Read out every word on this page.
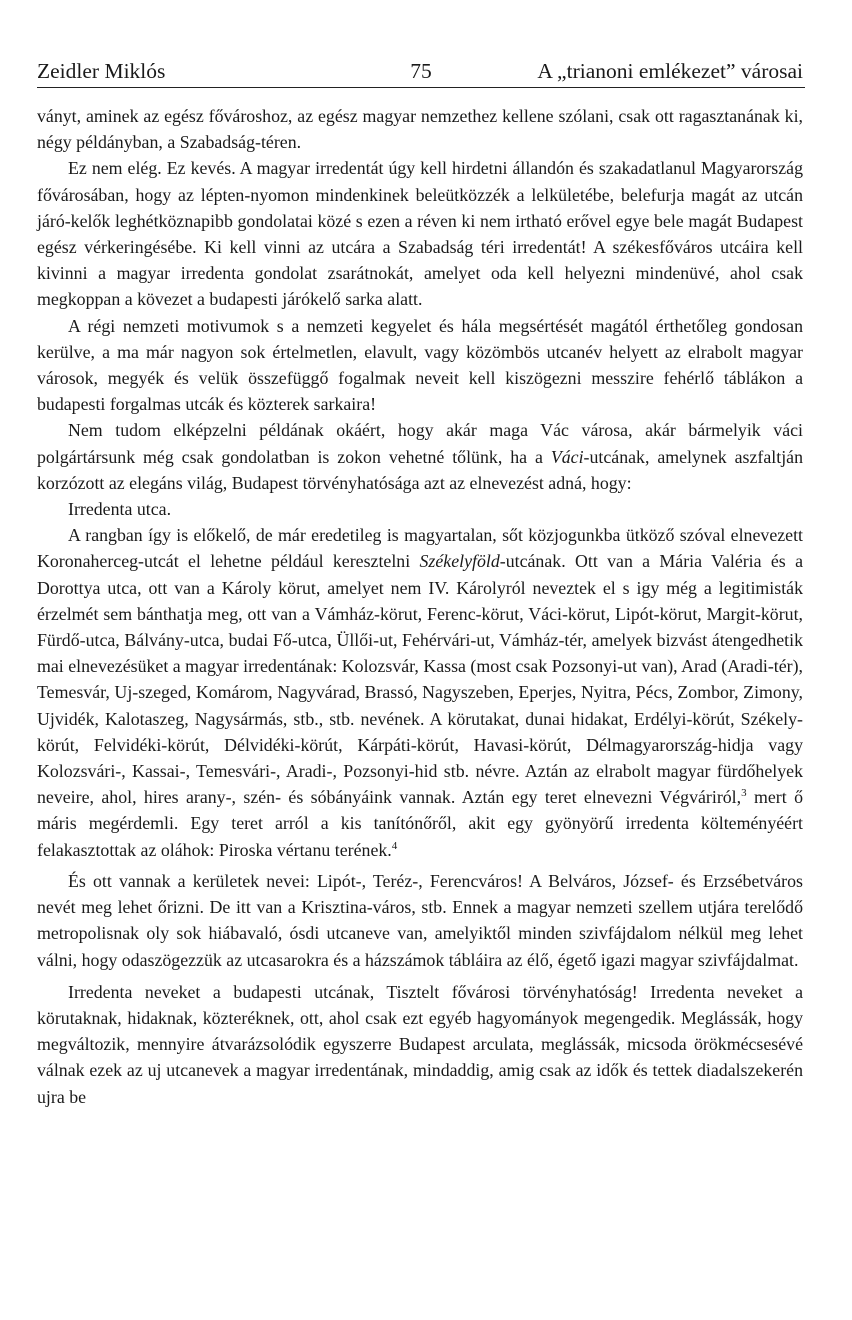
Zeidler Miklós	75	A „trianoni emlékezet” városai

ványt, aminek az egész fővároshoz, az egész magyar nemzethez kellene szólani, csak ott ragasztanának ki, négy példányban, a Szabadság-téren.

Ez nem elég. Ez kevés. A magyar irredentát úgy kell hirdetni állandón és szakadatlanul Magyarország fővárosában, hogy az lépten-nyomon mindenkinek beleütközzék a lelkületébe, belefurja magát az utcán járó-kelők leghétköznapibb gondolatai közé s ezen a réven ki nem irtható erővel egye bele magát Budapest egész vérkeringésébe. Ki kell vinni az utcára a Szabadság téri irredentát! A székesfőváros utcáira kell kivinni a magyar irredenta gondolat zsarátnokát, amelyet oda kell helyezni mindenüvé, ahol csak megkoppan a kövezet a budapesti járókelő sarka alatt.

A régi nemzeti motivumok s a nemzeti kegyelet és hála megsértését magától érthetőleg gondosan kerülve, a ma már nagyon sok értelmetlen, elavult, vagy közömbös utcanév helyett az elrabolt magyar városok, megyék és velük összefüggő fogalmak neveit kell kiszögezni messzire fehérlő táblákon a budapesti forgalmas utcák és közterek sarkaira!

Nem tudom elképzelni példának okáért, hogy akár maga Vác városa, akár bármelyik váci polgártársunk még csak gondolatban is zokon vehetné tőlünk, ha a Váci-utcának, amelynek aszfaltján korzózott az elegáns világ, Budapest törvényhatósága azt az elnevezést adná, hogy:

Irredenta utca.

A rangban így is előkelő, de már eredetileg is magyartalan, sőt közjogunkba ütköző szóval elnevezett Koronaherceg-utcát el lehetne például keresztelni Székelyföld-utcának. Ott van a Mária Valéria és a Dorottya utca, ott van a Károly körut, amelyet nem IV. Károlyról neveztek el s igy még a legitimisták érzelmét sem bánthatja meg, ott van a Vámház-körut, Ferenc-körut, Váci-körut, Lipót-körut, Margit-körut, Fürdő-utca, Bálvány-utca, budai Fő-utca, Üllői-ut, Fehérvári-ut, Vámház-tér, amelyek bizvást átengedhetik mai elnevezésüket a magyar irredentának: Kolozsvár, Kassa (most csak Pozsonyi-ut van), Arad (Aradi-tér), Temesvár, Uj-szeged, Komárom, Nagyvárad, Brassó, Nagyszeben, Eperjes, Nyitra, Pécs, Zombor, Zimony, Ujvidék, Kalotaszeg, Nagysármás, stb., stb. nevének. A körutakat, dunai hidakat, Erdélyi-körút, Székely-körút, Felvidéki-körút, Délvidéki-körút, Kárpáti-körút, Havasi-körút, Délmagyarország-hidja vagy Kolozsvári-, Kassai-, Temesvári-, Aradi-, Pozsonyi-hid stb. névre. Aztán az elrabolt magyar fürdőhelyek neveire, ahol, hires arany-, szén- és sóbányáink vannak. Aztán egy teret elnevezni Végváriról,$^3$ mert ő máris megérdemli. Egy teret arról a kis tanítónőről, akit egy gyönyörű irredenta költeményéért felakasztottak az oláhok: Piroska vértanu terének.$^4$

És ott vannak a kerületek nevei: Lipót-, Teréz-, Ferencváros! A Belváros, József- és Erzsébetváros nevét meg lehet őrizni. De itt van a Krisztina-város, stb. Ennek a magyar nemzeti szellem utjára terelődő metropolisnak oly sok hiábavaló, ósdi utcaneve van, amelyiktől minden szivfájdalom nélkül meg lehet válni, hogy odaszögezzük az utcasarokra és a házszámok tábláira az élő, égető igazi magyar szivfájdalmat.

Irredenta neveket a budapesti utcának, Tisztelt fővárosi törvényhatóság! Irredenta neveket a körutaknak, hidaknak, közteréknek, ott, ahol csak ezt egyéb hagyományok megengedik. Meglássák, hogy megváltozik, mennyire átvarázsolódik egyszerre Budapest arculata, meglássák, micsoda örökmécsesévé válnak ezek az uj utcanevek a magyar irredentának, mindaddig, amig csak az idők és tettek diadalszekerén ujra be
